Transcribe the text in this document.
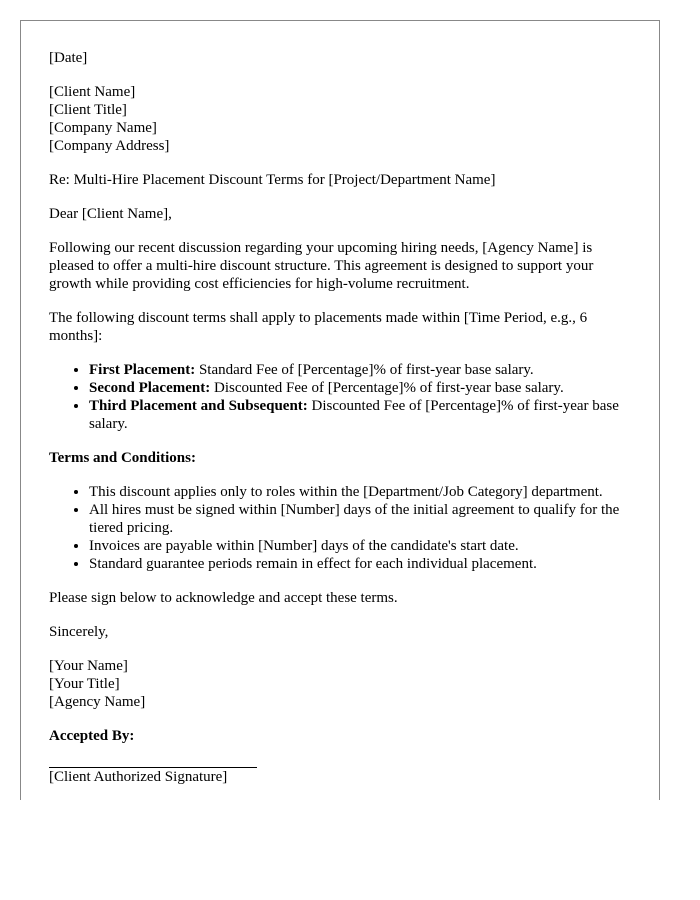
[Date]

[Client Name]
[Client Title]
[Company Name]
[Company Address]

Re: Multi-Hire Placement Discount Terms for [Project/Department Name]

Dear [Client Name],

Following our recent discussion regarding your upcoming hiring needs, [Agency Name] is pleased to offer a multi-hire discount structure. This agreement is designed to support your growth while providing cost efficiencies for high-volume recruitment.

The following discount terms shall apply to placements made within [Time Period, e.g., 6 months]:

• First Placement: Standard Fee of [Percentage]% of first-year base salary.
• Second Placement: Discounted Fee of [Percentage]% of first-year base salary.
• Third Placement and Subsequent: Discounted Fee of [Percentage]% of first-year base salary.

Terms and Conditions:

• This discount applies only to roles within the [Department/Job Category] department.
• All hires must be signed within [Number] days of the initial agreement to qualify for the tiered pricing.
• Invoices are payable within [Number] days of the candidate's start date.
• Standard guarantee periods remain in effect for each individual placement.

Please sign below to acknowledge and accept these terms.

Sincerely,

[Your Name]
[Your Title]
[Agency Name]

Accepted By:

[Client Authorized Signature]
